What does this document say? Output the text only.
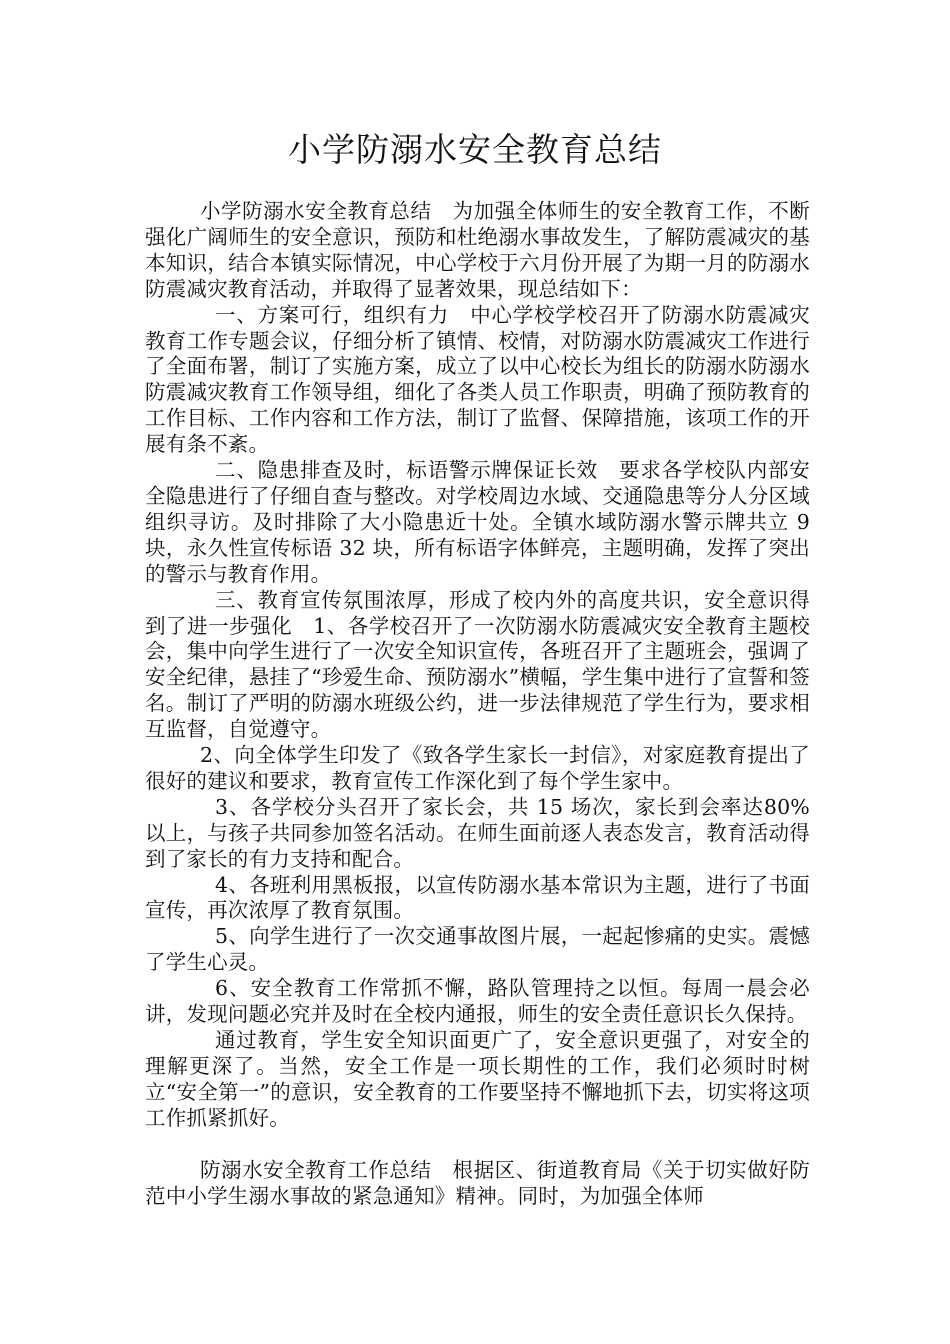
小学防溺水安全教育总结

小学防溺水安全教育总结　为加强全体师生的安全教育工作，不断强化广阔师生的安全意识，预防和杜绝溺水事故发生，了解防震减灾的基本知识，结合本镇实际情况，中心学校于六月份开展了为期一月的防溺水防震减灾教育活动，并取得了显著效果，现总结如下：

一、方案可行，组织有力　中心学校学校召开了防溺水防震减灾教育工作专题会议，仔细分析了镇情、校情，对防溺水防震减灾工作进行了全面布署，制订了实施方案，成立了以中心校长为组长的防溺水防溺水防震减灾教育工作领导组，细化了各类人员工作职责，明确了预防教育的工作目标、工作内容和工作方法，制订了监督、保障措施，该项工作的开展有条不紊。

二、隐患排查及时，标语警示牌保证长效　要求各学校队内部安全隐患进行了仔细自查与整改。对学校周边水域、交通隐患等分人分区域组织寻访。及时排除了大小隐患近十处。全镇水域防溺水警示牌共立 9 块，永久性宣传标语 32 块，所有标语字体鲜亮，主题明确，发挥了突出的警示与教育作用。

三、教育宣传氛围浓厚，形成了校内外的高度共识，安全意识得到了进一步强化　1、各学校召开了一次防溺水防震减灾安全教育主题校会，集中向学生进行了一次安全知识宣传，各班召开了主题班会，强调了安全纪律，悬挂了“珍爱生命、预防溺水”横幅，学生集中进行了宣誓和签名。制订了严明的防溺水班级公约，进一步法律规范了学生行为，要求相互监督，自觉遵守。

2、向全体学生印发了《致各学生家长一封信》，对家庭教育提出了很好的建议和要求，教育宣传工作深化到了每个学生家中。

3、各学校分头召开了家长会，共 15 场次，家长到会率达80%以上，与孩子共同参加签名活动。在师生面前逐人表态发言，教育活动得到了家长的有力支持和配合。

4、各班利用黑板报，以宣传防溺水基本常识为主题，进行了书面宣传，再次浓厚了教育氛围。

5、向学生进行了一次交通事故图片展，一起起惨痛的史实。震憾了学生心灵。

6、安全教育工作常抓不懈，路队管理持之以恒。每周一晨会必讲，发现问题必究并及时在全校内通报，师生的安全责任意识长久保持。

通过教育，学生安全知识面更广了，安全意识更强了，对安全的理解更深了。当然，安全工作是一项长期性的工作，我们必须时时树立“安全第一”的意识，安全教育的工作要坚持不懈地抓下去，切实将这项工作抓紧抓好。

防溺水安全教育工作总结　根据区、街道教育局《关于切实做好防范中小学生溺水事故的紧急通知》精神。同时，为加强全体师
